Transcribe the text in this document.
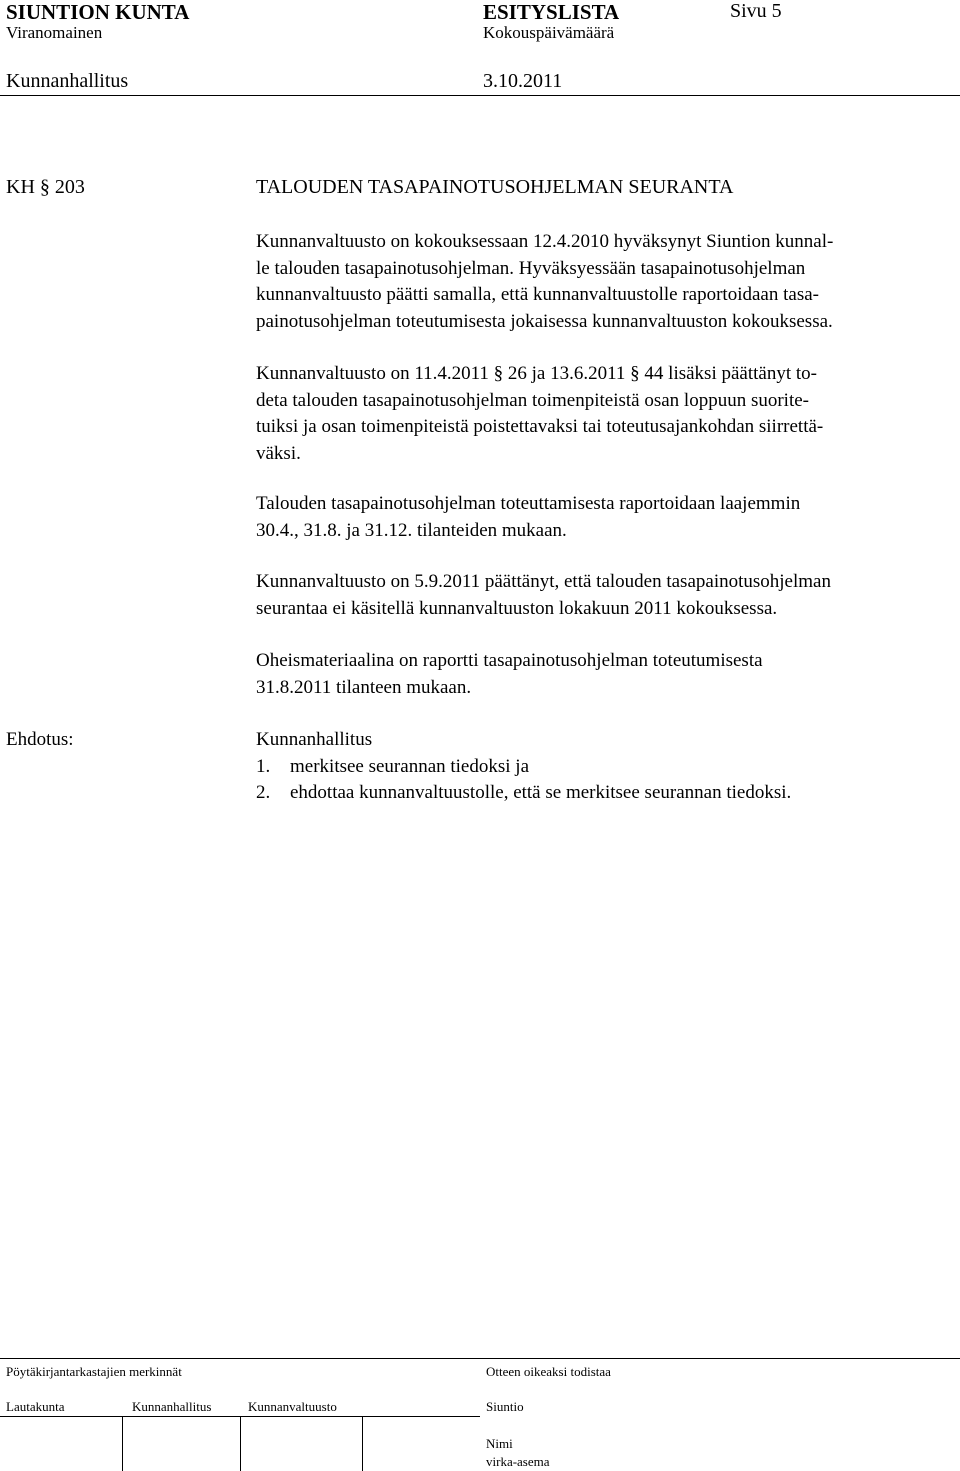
SIUNTION KUNTA
Viranomainen
ESITYSLISTA
Kokouspäivämäärä
Sivu 5
Kunnanhallitus	3.10.2011
KH § 203	TALOUDEN TASAPAINOTUSOHJELMAN SEURANTA
Kunnanvaltuusto on kokouksessaan 12.4.2010 hyväksynyt Siuntion kunnal-
le talouden tasapainotusohjelman. Hyväksyessään tasapainotusohjelman
kunnanvaltuusto päätti samalla, että kunnanvaltuustolle raportoidaan tasa-
painotusohjelman toteutumisesta jokaisessa kunnanvaltuuston kokouksessa.
Kunnanvaltuusto on 11.4.2011 § 26 ja 13.6.2011 § 44 lisäksi päättänyt to-
deta talouden tasapainotusohjelman toimenpiteistä osan loppuun suorite-
tuiksi ja osan toimenpiteistä poistettavaksi tai toteutusajankohdan siirrettä-
väksi.
Talouden tasapainotusohjelman toteuttamisesta raportoidaan laajemmin
30.4., 31.8. ja 31.12. tilanteiden mukaan.
Kunnanvaltuusto on 5.9.2011 päättänyt, että talouden tasapainotusohjelman
seurantaa ei käsitellä kunnanvaltuuston lokakuun 2011 kokouksessa.
Oheismateriaalina on raportti tasapainotusohjelman toteutumisesta
31.8.2011 tilanteen mukaan.
Ehdotus:	Kunnanhallitus
1. merkitsee seurannan tiedoksi ja
2. ehdottaa kunnanvaltuustolle, että se merkitsee seurannan tiedoksi.
Pöytäkirjantarkastajien merkinnät	Otteen oikeaksi todistaa
Lautakunta	Kunnanhallitus	Kunnanvaltuusto	Siuntio
Nimi
virka-asema
